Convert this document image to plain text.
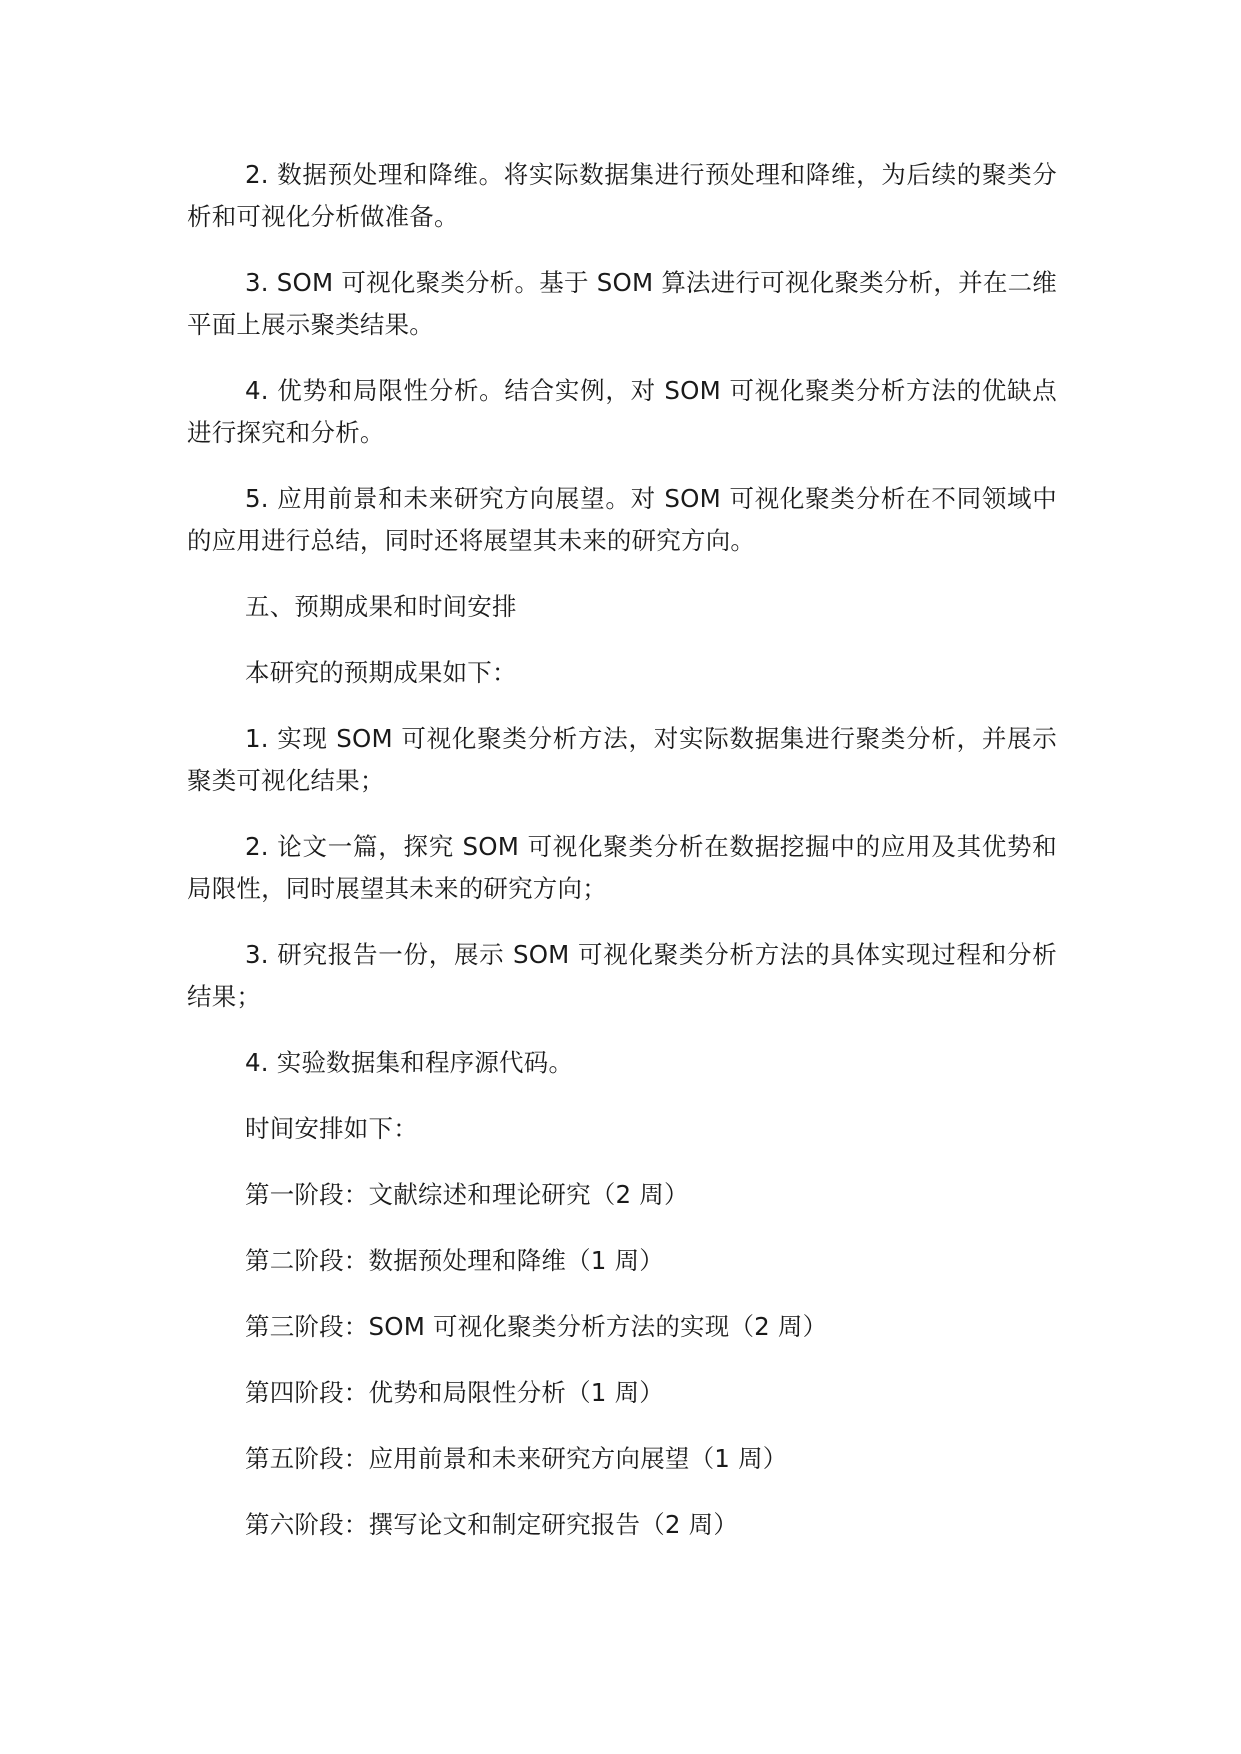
2. 数据预处理和降维。将实际数据集进行预处理和降维，为后续的聚类分析和可视化分析做准备。

3. SOM 可视化聚类分析。基于 SOM 算法进行可视化聚类分析，并在二维平面上展示聚类结果。

4. 优势和局限性分析。结合实例，对 SOM 可视化聚类分析方法的优缺点进行探究和分析。

5. 应用前景和未来研究方向展望。对 SOM 可视化聚类分析在不同领域中的应用进行总结，同时还将展望其未来的研究方向。

五、预期成果和时间安排

本研究的预期成果如下：

1. 实现 SOM 可视化聚类分析方法，对实际数据集进行聚类分析，并展示聚类可视化结果；

2. 论文一篇，探究 SOM 可视化聚类分析在数据挖掘中的应用及其优势和局限性，同时展望其未来的研究方向；

3. 研究报告一份，展示 SOM 可视化聚类分析方法的具体实现过程和分析结果；

4. 实验数据集和程序源代码。

时间安排如下：

第一阶段：文献综述和理论研究（2 周）

第二阶段：数据预处理和降维（1 周）

第三阶段：SOM 可视化聚类分析方法的实现（2 周）

第四阶段：优势和局限性分析（1 周）

第五阶段：应用前景和未来研究方向展望（1 周）

第六阶段：撰写论文和制定研究报告（2 周）
